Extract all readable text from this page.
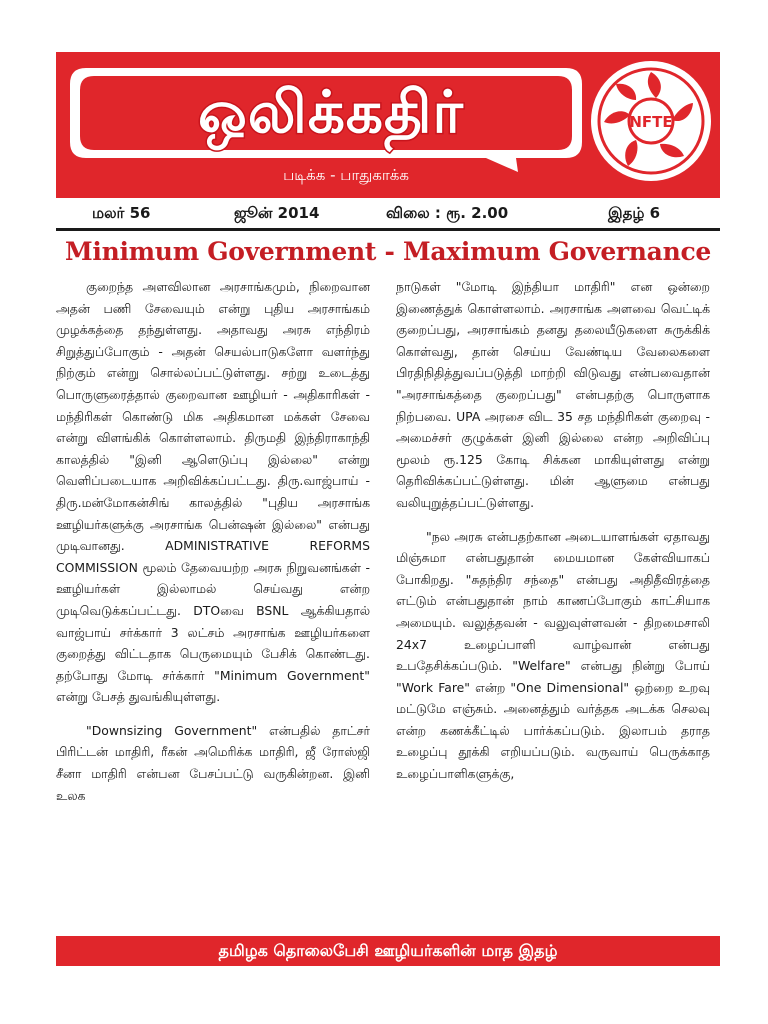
ஒலிக்கதிர்
படிக்க - பாதுகாக்க
NFTE
மலர் 56	ஜூன் 2014	விலை : ரூ. 2.00	இதழ் 6
Minimum Government - Maximum Governance

குறைந்த அளவிலான அரசாங்கமும், நிறைவான அதன் பணி சேவையும் என்று புதிய அரசாங்கம் முழக்கத்தை தந்துள்ளது. அதாவது அரசு எந்திரம் சிறுத்துப்போகும் - அதன் செயல்பாடுகளோ வளர்ந்து நிற்கும் என்று சொல்லப்பட்டுள்ளது. சற்று உடைத்து பொருளுரைத்தால் குறைவான ஊழியர் - அதிகாரிகள் - மந்திரிகள் கொண்டு மிக அதிகமான மக்கள் சேவை என்று விளங்கிக் கொள்ளலாம். திருமதி இந்திராகாந்தி காலத்தில் "இனி ஆளெடுப்பு இல்லை" என்று வெளிப்படையாக அறிவிக்கப்பட்டது. திரு.வாஜ்பாய் - திரு.மன்மோகன்சிங் காலத்தில் "புதிய அரசாங்க ஊழியர்களுக்கு அரசாங்க பென்ஷன் இல்லை" என்பது முடிவானது. ADMINISTRATIVE REFORMS COMMISSION மூலம் தேவையற்ற அரசு நிறுவனங்கள் - ஊழியர்கள் இல்லாமல் செய்வது என்ற முடிவெடுக்கப்பட்டது. DTOவை BSNL ஆக்கியதால் வாஜ்பாய் சர்க்கார் 3 லட்சம் அரசாங்க ஊழியர்களை குறைத்து விட்டதாக பெருமையும் பேசிக் கொண்டது. தற்போது மோடி சர்க்கார் "Minimum Government" என்று பேசத் துவங்கியுள்ளது.

"Downsizing Government" என்பதில் தாட்சர் பிரிட்டன் மாதிரி, ரீகன் அமெரிக்க மாதிரி, ஜீ ரோஸ்ஜி சீனா மாதிரி என்பன பேசப்பட்டு வருகின்றன. இனி உலக

நாடுகள் "மோடி இந்தியா மாதிரி" என ஒன்றை இணைத்துக் கொள்ளலாம். அரசாங்க அளவை வெட்டிக் குறைப்பது, அரசாங்கம் தனது தலையீடுகளை சுருக்கிக் கொள்வது, தான் செய்ய வேண்டிய வேலைகளை பிரதிநிதித்துவப்படுத்தி மாற்றி விடுவது என்பவைதான் "அரசாங்கத்தை குறைப்பது" என்பதற்கு பொருளாக நிற்பவை. UPA அரசை விட 35 சத மந்திரிகள் குறைவு - அமைச்சர் குழுக்கள் இனி இல்லை என்ற அறிவிப்பு மூலம் ரூ.125 கோடி சிக்கன மாகியுள்ளது என்று தெரிவிக்கப்பட்டுள்ளது. மின் ஆளுமை என்பது வலியுறுத்தப்பட்டுள்ளது.

"நல அரசு என்பதற்கான அடையாளங்கள் ஏதாவது மிஞ்சுமா என்பதுதான் மையமான கேள்வியாகப் போகிறது. "சுதந்திர சந்தை" என்பது அதிதீவிரத்தை எட்டும் என்பதுதான் நாம் காணப்போகும் காட்சியாக அமையும். வலுத்தவன் - வலுவுள்ளவன் - திறமைசாலி 24x7 உழைப்பாளி வாழ்வான் என்பது உபதேசிக்கப்படும். "Welfare" என்பது நின்று போய் "Work Fare" என்ற "One Dimensional" ஒற்றை உறவு மட்டுமே எஞ்சும். அனைத்தும் வர்த்தக அடக்க செலவு என்ற கணக்கீட்டில் பார்க்கப்படும். இலாபம் தராத உழைப்பு தூக்கி எறியப்படும். வருவாய் பெருக்காத உழைப்பாளிகளுக்கு,

தமிழக தொலைபேசி ஊழியர்களின் மாத இதழ்
